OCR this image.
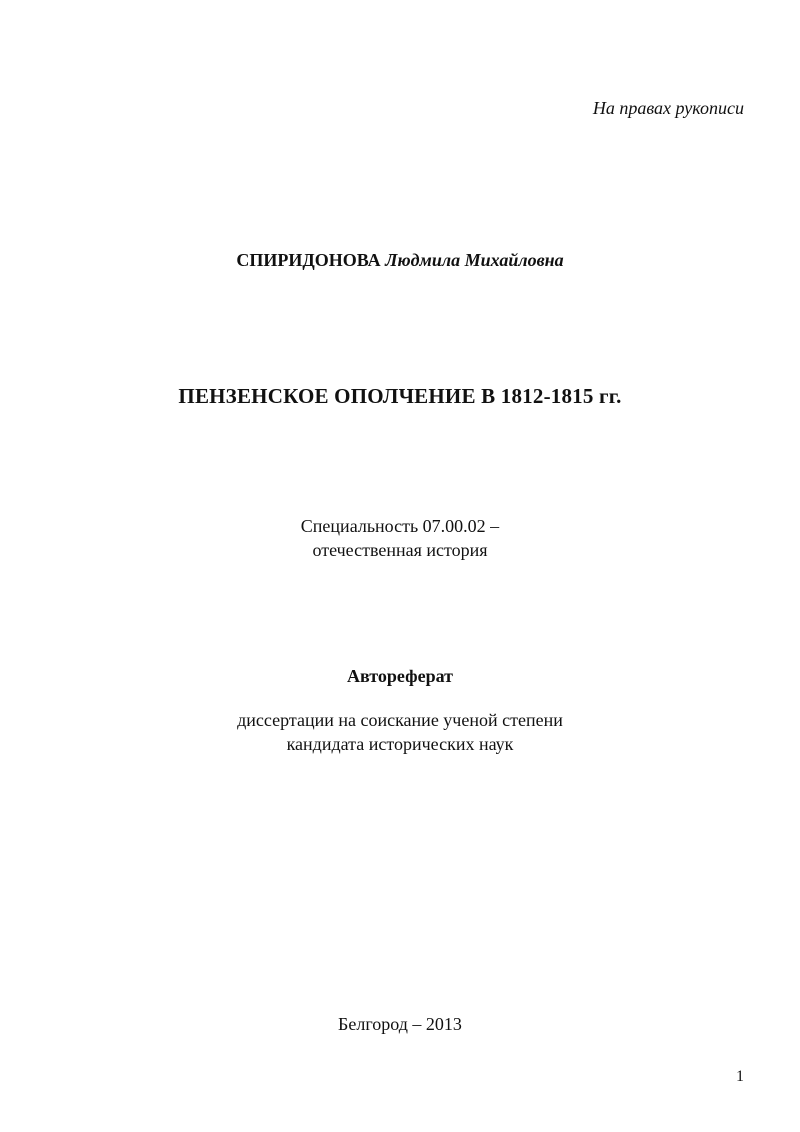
На правах рукописи
СПИРИДОНОВА Людмила Михайловна
ПЕНЗЕНСКОЕ ОПОЛЧЕНИЕ В 1812-1815 гг.
Специальность 07.00.02 –
отечественная история
Автореферат
диссертации на соискание ученой степени
кандидата исторических наук
Белгород – 2013
1
